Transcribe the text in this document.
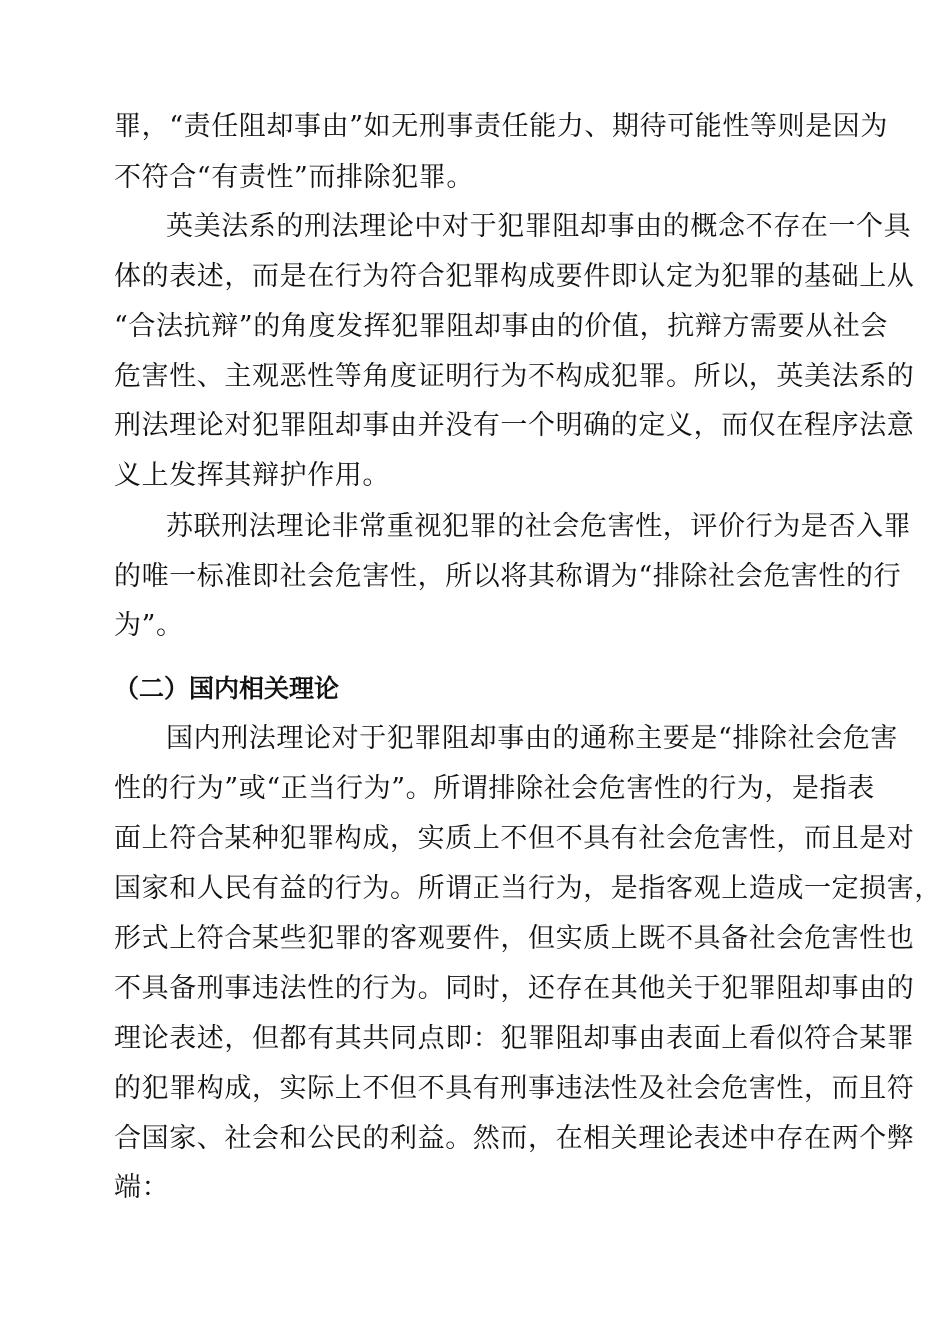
罪，“责任阻却事由”如无刑事责任能力、期待可能性等则是因为
不符合“有责性”而排除犯罪。
英美法系的刑法理论中对于犯罪阻却事由的概念不存在一个具
体的表述，而是在行为符合犯罪构成要件即认定为犯罪的基础上从
“合法抗辩”的角度发挥犯罪阻却事由的价值，抗辩方需要从社会
危害性、主观恶性等角度证明行为不构成犯罪。所以，英美法系的
刑法理论对犯罪阻却事由并没有一个明确的定义，而仅在程序法意
义上发挥其辩护作用。
苏联刑法理论非常重视犯罪的社会危害性，评价行为是否入罪
的唯一标准即社会危害性，所以将其称谓为“排除社会危害性的行
为”。
（二）国内相关理论
国内刑法理论对于犯罪阻却事由的通称主要是“排除社会危害
性的行为”或“正当行为”。所谓排除社会危害性的行为，是指表
面上符合某种犯罪构成，实质上不但不具有社会危害性，而且是对
国家和人民有益的行为。所谓正当行为，是指客观上造成一定损害，
形式上符合某些犯罪的客观要件，但实质上既不具备社会危害性也
不具备刑事违法性的行为。同时，还存在其他关于犯罪阻却事由的
理论表述，但都有其共同点即：犯罪阻却事由表面上看似符合某罪
的犯罪构成，实际上不但不具有刑事违法性及社会危害性，而且符
合国家、社会和公民的利益。然而，在相关理论表述中存在两个弊
端：
